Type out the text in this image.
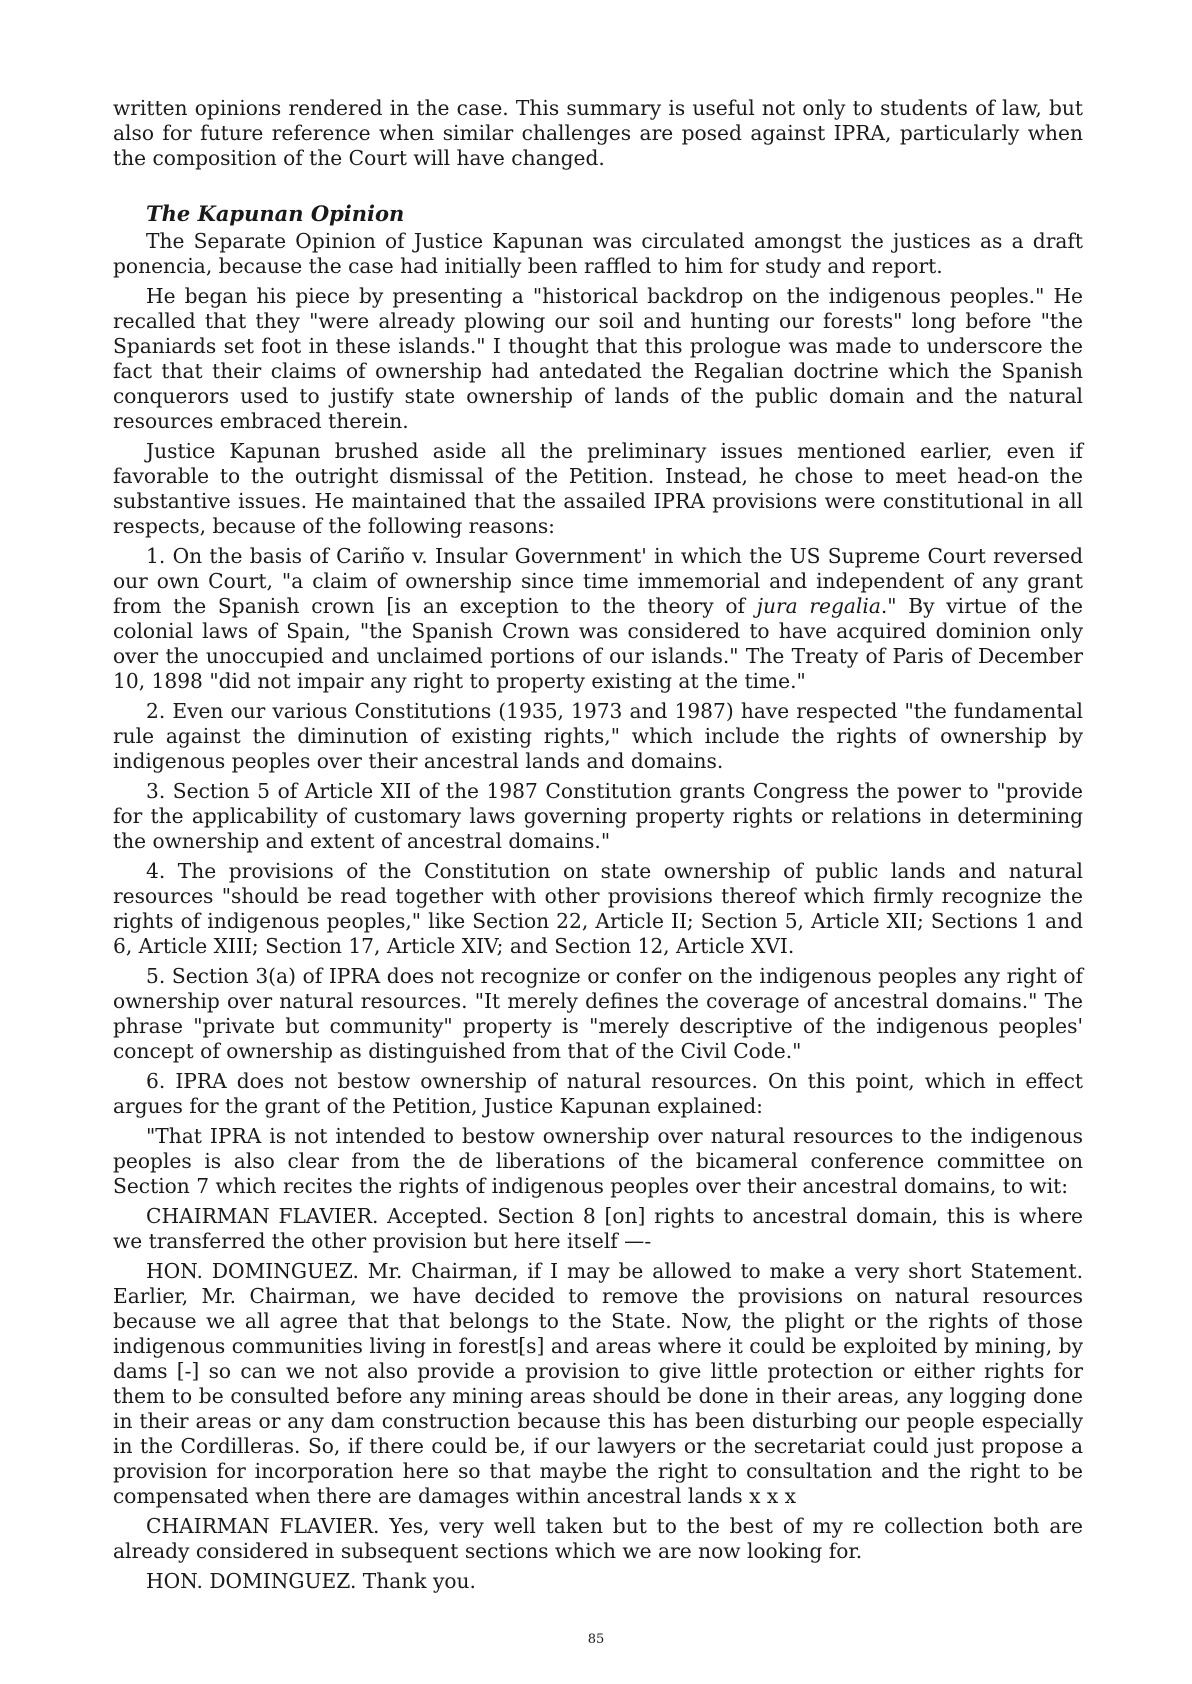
written opinions rendered in the case. This summary is useful not only to students of law, but also for future reference when similar challenges are posed against IPRA, particularly when the composition of the Court will have changed.

The Kapunan Opinion

The Separate Opinion of Justice Kapunan was circulated amongst the justices as a draft ponencia, because the case had initially been raffled to him for study and report.

He began his piece by presenting a "historical backdrop on the indigenous peoples." He recalled that they "were already plowing our soil and hunting our forests" long before "the Spaniards set foot in these islands." I thought that this prologue was made to underscore the fact that their claims of ownership had antedated the Regalian doctrine which the Spanish conquerors used to justify state ownership of lands of the public domain and the natural resources embraced therein.

Justice Kapunan brushed aside all the preliminary issues mentioned earlier, even if favorable to the outright dismissal of the Petition. Instead, he chose to meet head-on the substantive issues. He maintained that the assailed IPRA provisions were constitutional in all respects, because of the following reasons:

1. On the basis of Cariño v. Insular Government' in which the US Supreme Court reversed our own Court, "a claim of ownership since time immemorial and independent of any grant from the Spanish crown [is an exception to the theory of jura regalia." By virtue of the colonial laws of Spain, "the Spanish Crown was considered to have acquired dominion only over the unoccupied and unclaimed portions of our islands." The Treaty of Paris of December 10, 1898 "did not impair any right to property existing at the time."

2. Even our various Constitutions (1935, 1973 and 1987) have respected "the fundamental rule against the diminution of existing rights," which include the rights of ownership by indigenous peoples over their ancestral lands and domains.

3. Section 5 of Article XII of the 1987 Constitution grants Congress the power to "provide for the applicability of customary laws governing property rights or relations in determining the ownership and extent of ancestral domains."

4. The provisions of the Constitution on state ownership of public lands and natural resources "should be read together with other provisions thereof which firmly recognize the rights of indigenous peoples," like Section 22, Article II; Section 5, Article XII; Sections 1 and 6, Article XIII; Section 17, Article XIV; and Section 12, Article XVI.

5. Section 3(a) of IPRA does not recognize or confer on the indigenous peoples any right of ownership over natural resources. "It merely defines the coverage of ancestral domains." The phrase "private but community" property is "merely descriptive of the indigenous peoples' concept of ownership as distinguished from that of the Civil Code."

6. IPRA does not bestow ownership of natural resources. On this point, which in effect argues for the grant of the Petition, Justice Kapunan explained:

"That IPRA is not intended to bestow ownership over natural resources to the indigenous peoples is also clear from the de liberations of the bicameral conference committee on Section 7 which recites the rights of indigenous peoples over their ancestral domains, to wit:

CHAIRMAN FLAVIER. Accepted. Section 8 [on] rights to ancestral domain, this is where we transferred the other provision but here itself —-

HON. DOMINGUEZ. Mr. Chairman, if I may be allowed to make a very short Statement. Earlier, Mr. Chairman, we have decided to remove the provisions on natural resources because we all agree that that belongs to the State. Now, the plight or the rights of those indigenous communities living in forest[s] and areas where it could be exploited by mining, by dams [-] so can we not also provide a provision to give little protection or either rights for them to be consulted before any mining areas should be done in their areas, any logging done in their areas or any dam construction because this has been disturbing our people especially in the Cordilleras. So, if there could be, if our lawyers or the secretariat could just propose a provision for incorporation here so that maybe the right to consultation and the right to be compensated when there are damages within ancestral lands x x x

CHAIRMAN FLAVIER. Yes, very well taken but to the best of my re collection both are already considered in subsequent sections which we are now looking for.

HON. DOMINGUEZ. Thank you.

85
